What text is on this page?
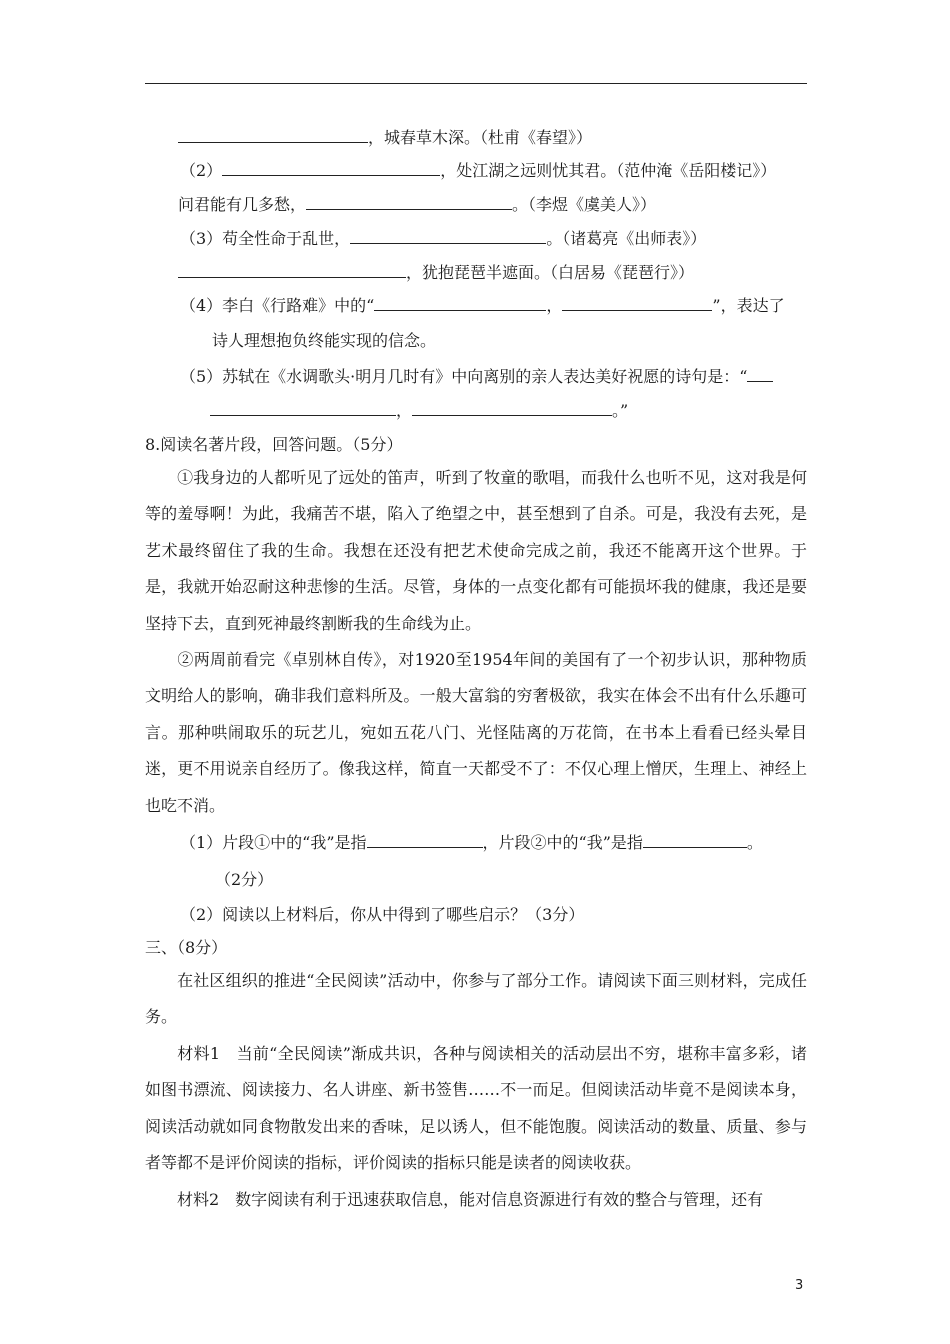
，城春草木深。（杜甫《春望》）
（2）	，处江湖之远则忧其君。（范仲淹《岳阳楼记》）
问君能有几多愁，	。（李煜《虞美人》）
（3）苟全性命于乱世，	。（诸葛亮《出师表》）
，犹抱琵琶半遮面。（白居易《琵琶行》）
（4）李白《行路难》中的“	，	”，表达了
诗人理想抱负终能实现的信念。
（5）苏轼在《水调歌头·明月几时有》中向离别的亲人表达美好祝愿的诗句是：“
，	。”
8.阅读名著片段，回答问题。（5分）
①我身边的人都听见了远处的笛声，听到了牧童的歌唱，而我什么也听不见，这对我是何等的羞辱啊！为此，我痛苦不堪，陷入了绝望之中，甚至想到了自杀。可是，我没有去死，是艺术最终留住了我的生命。我想在还没有把艺术使命完成之前，我还不能离开这个世界。于是，我就开始忍耐这种悲惨的生活。尽管，身体的一点变化都有可能损坏我的健康，我还是要坚持下去，直到死神最终割断我的生命线为止。
②两周前看完《卓别林自传》，对1920至1954年间的美国有了一个初步认识，那种物质文明给人的影响，确非我们意料所及。一般大富翁的穷奢极欲，我实在体会不出有什么乐趣可言。那种哄闹取乐的玩艺儿，宛如五花八门、光怪陆离的万花筒，在书本上看看已经头晕目迷，更不用说亲自经历了。像我这样，简直一天都受不了：不仅心理上憎厌，生理上、神经上也吃不消。
（1）片段①中的“我”是指	，片段②中的“我”是指	。
（2分）
（2）阅读以上材料后，你从中得到了哪些启示？（3分）
三、（8分）
在社区组织的推进“全民阅读”活动中，你参与了部分工作。请阅读下面三则材料，完成任务。
材料1　当前“全民阅读”渐成共识，各种与阅读相关的活动层出不穷，堪称丰富多彩，诸如图书漂流、阅读接力、名人讲座、新书签售……不一而足。但阅读活动毕竟不是阅读本身，阅读活动就如同食物散发出来的香味，足以诱人，但不能饱腹。阅读活动的数量、质量、参与者等都不是评价阅读的指标，评价阅读的指标只能是读者的阅读收获。
材料2　数字阅读有利于迅速获取信息，能对信息资源进行有效的整合与管理，还有
3
